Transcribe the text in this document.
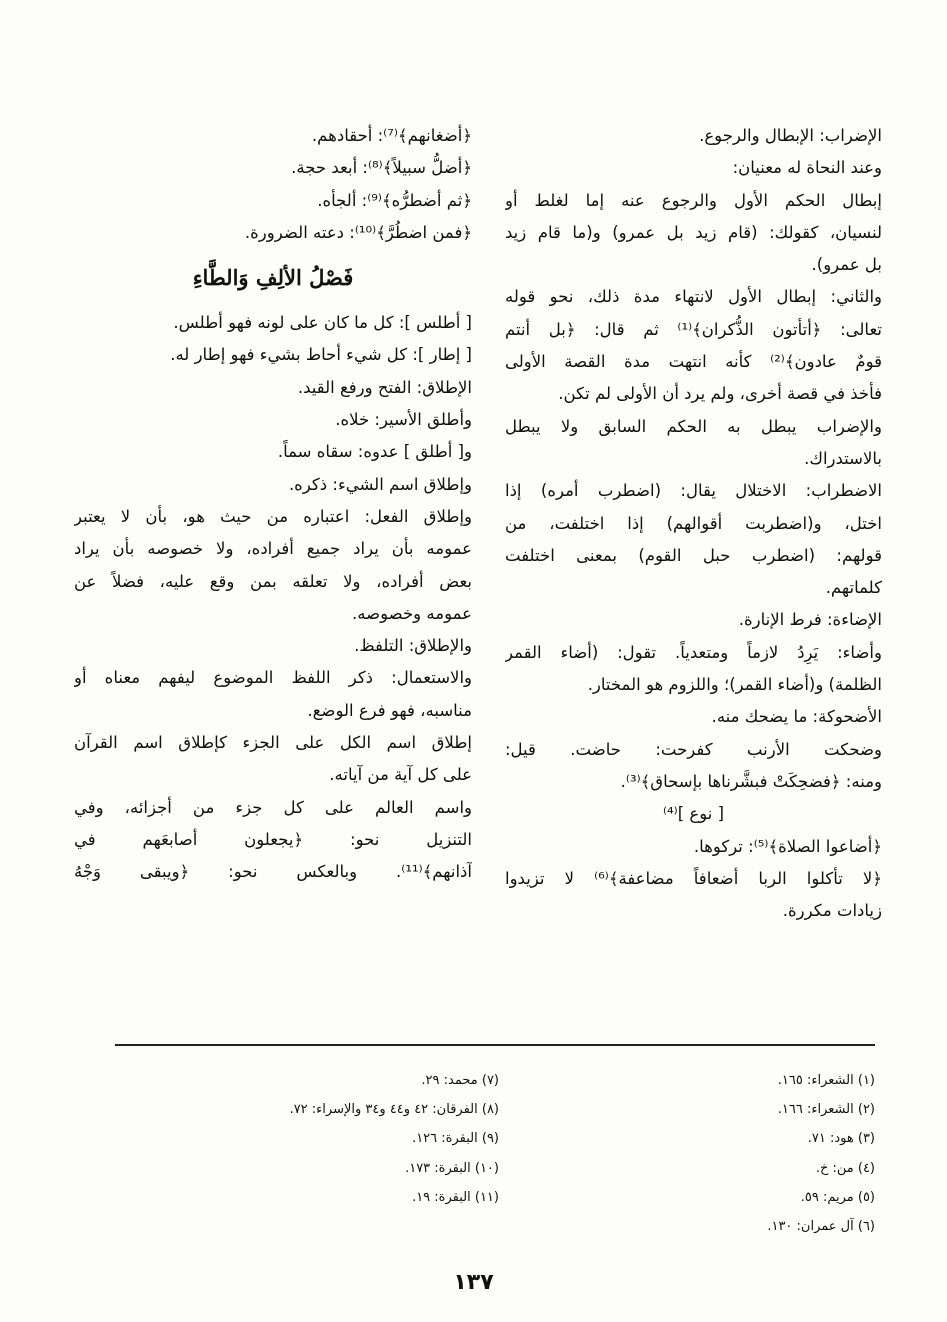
الإضراب: الإبطال والرجوع.
وعند النحاة له معنيان:
إبطال الحكم الأول والرجوع عنه إما لغلط أو
لنسيان، كقولك: (قام زيد بل عمرو) و(ما قام زيد
بل عمرو).
والثاني: إبطال الأول لانتهاء مدة ذلك، نحو قوله
تعالى: ﴿أتأتون الذُّكران﴾⁽¹⁾ ثم قال: ﴿بل أنتم
قومٌ عادون﴾⁽²⁾ كأنه انتهت مدة القصة الأولى
فأخذ في قصة أخرى، ولم يرد أن الأولى لم تكن.
والإضراب يبطل به الحكم السابق ولا يبطل
بالاستدراك.
الاضطراب: الاختلال يقال: (اضطرب أمره) إذا
اختل، و(اضطربت أقوالهم) إذا اختلفت، من
قولهم: (اضطرب حبل القوم) بمعنى اختلفت
كلماتهم.
الإضاءة: فرط الإنارة.
وأضاء: يَرِدُ لازماً ومتعدياً. تقول: (أضاء القمر
الظلمة) و(أضاء القمر)؛ واللزوم هو المختار.
الأضحوكة: ما يضحك منه.
وضحكت الأرنب كفرحت: حاضت. قيل:
ومنه: ﴿فضحِكَتْ فبشَّرناها بإسحاق﴾⁽³⁾.
[ نوع ]⁽⁴⁾
﴿أضاعوا الصلاة﴾⁽⁵⁾: تركوها.
﴿لا تأكلوا الربا أضعافاً مضاعفة﴾⁽⁶⁾ لا تزيدوا
زيادات مكررة.
﴿أضغانهم﴾⁽⁷⁾: أحقادهم.
﴿أضلُّ سبيلاً﴾⁽⁸⁾: أبعد حجة.
﴿ثم أضطرُّه﴾⁽⁹⁾: ألجأه.
﴿فمن اضطُرَّ﴾⁽¹⁰⁾: دعته الضرورة.
فَصْلُ الألِفِ وَالطَّاءِ
[ أطلس ]: كل ما كان على لونه فهو أطلس.
[ إطار ]: كل شيء أحاط بشيء فهو إطار له.
الإطلاق: الفتح ورفع القيد.
وأطلق الأسير: خلاه.
و[ أطلق ] عدوه: سقاه سماً.
وإطلاق اسم الشيء: ذكره.
وإطلاق الفعل: اعتباره من حيث هو، بأن لا يعتبر
عمومه بأن يراد جميع أفراده، ولا خصوصه بأن يراد
بعض أفراده، ولا تعلقه بمن وقع عليه، فضلاً عن
عمومه وخصوصه.
والإطلاق: التلفظ.
والاستعمال: ذكر اللفظ الموضوع ليفهم معناه أو
مناسبه، فهو فرع الوضع.
إطلاق اسم الكل على الجزء كإطلاق اسم القرآن
على كل آية من آياته.
واسم العالم على كل جزء من أجزائه، وفي
التنزيل نحو: ﴿يجعلون أصابعَهم في
آذانهم﴾⁽¹¹⁾. وبالعكس نحو: ﴿ويبقى وَجْهُ
(١) الشعراء: ١٦٥.
(٢) الشعراء: ١٦٦.
(٣) هود: ٧١.
(٤) من: خ.
(٥) مريم: ٥٩.
(٦) آل عمران: ١٣٠.
(٧) محمد: ٢٩.
(٨) الفرقان: ٤٢ و٤٤ و٣٤ والإسراء: ٧٢.
(٩) البقرة: ١٢٦.
(١٠) البقرة: ١٧٣.
(١١) البقرة: ١٩.
١٣٧
